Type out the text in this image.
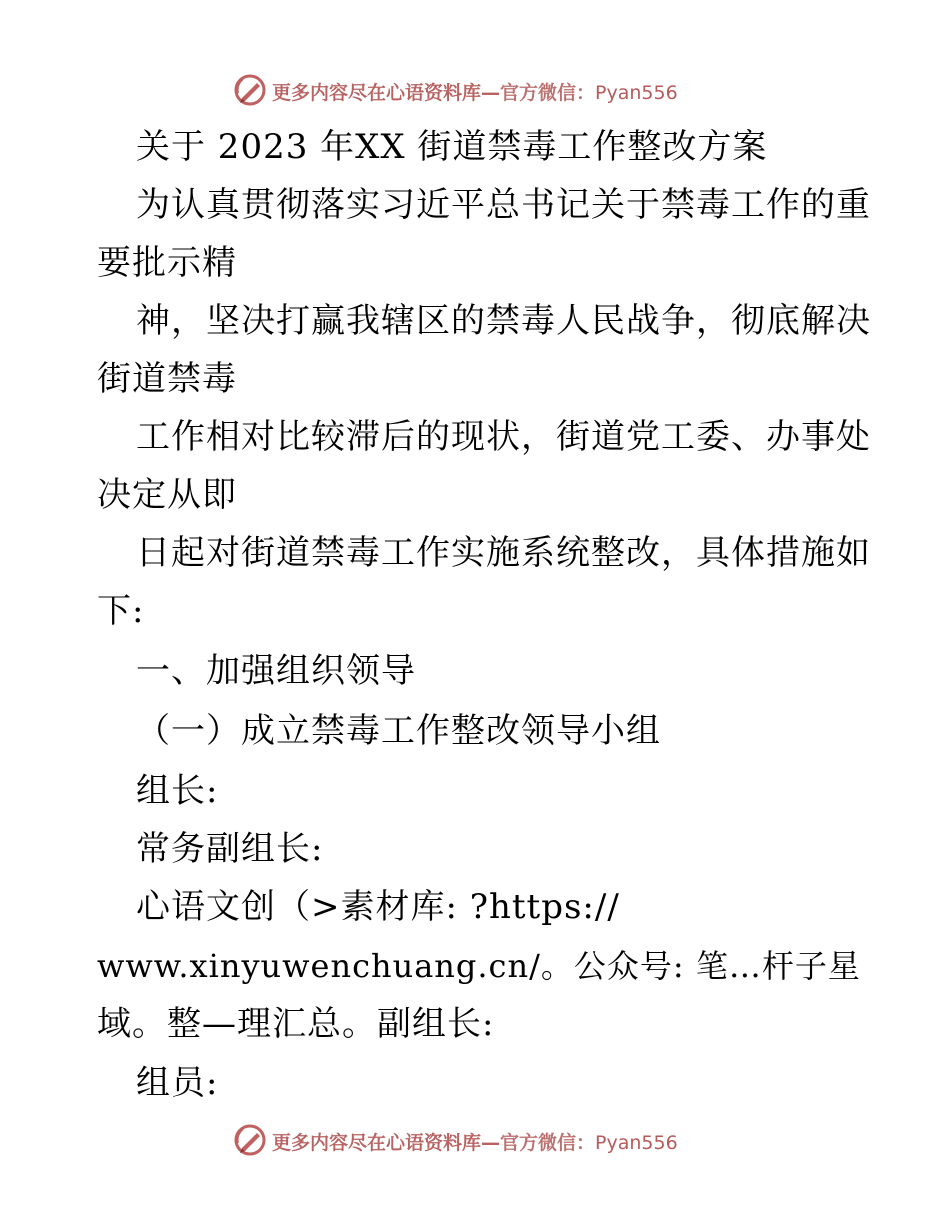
更多内容尽在心语资料库—官方微信：Pyan556
关于 2023 年XX 街道禁毒工作整改方案
为认真贯彻落实习近平总书记关于禁毒工作的重
要批示精
神，坚决打赢我辖区的禁毒人民战争，彻底解决
街道禁毒
工作相对比较滞后的现状，街道党工委、办事处
决定从即
日起对街道禁毒工作实施系统整改，具体措施如
下:
一、加强组织领导
（一）成立禁毒工作整改领导小组
组长:
常务副组长:
心语文创（>素材库: ?https://
www.xinyuwenchuang.cn/。公众号: 笔…杆子星
域。整—理汇总。副组长:
组员:
更多内容尽在心语资料库—官方微信：Pyan556
